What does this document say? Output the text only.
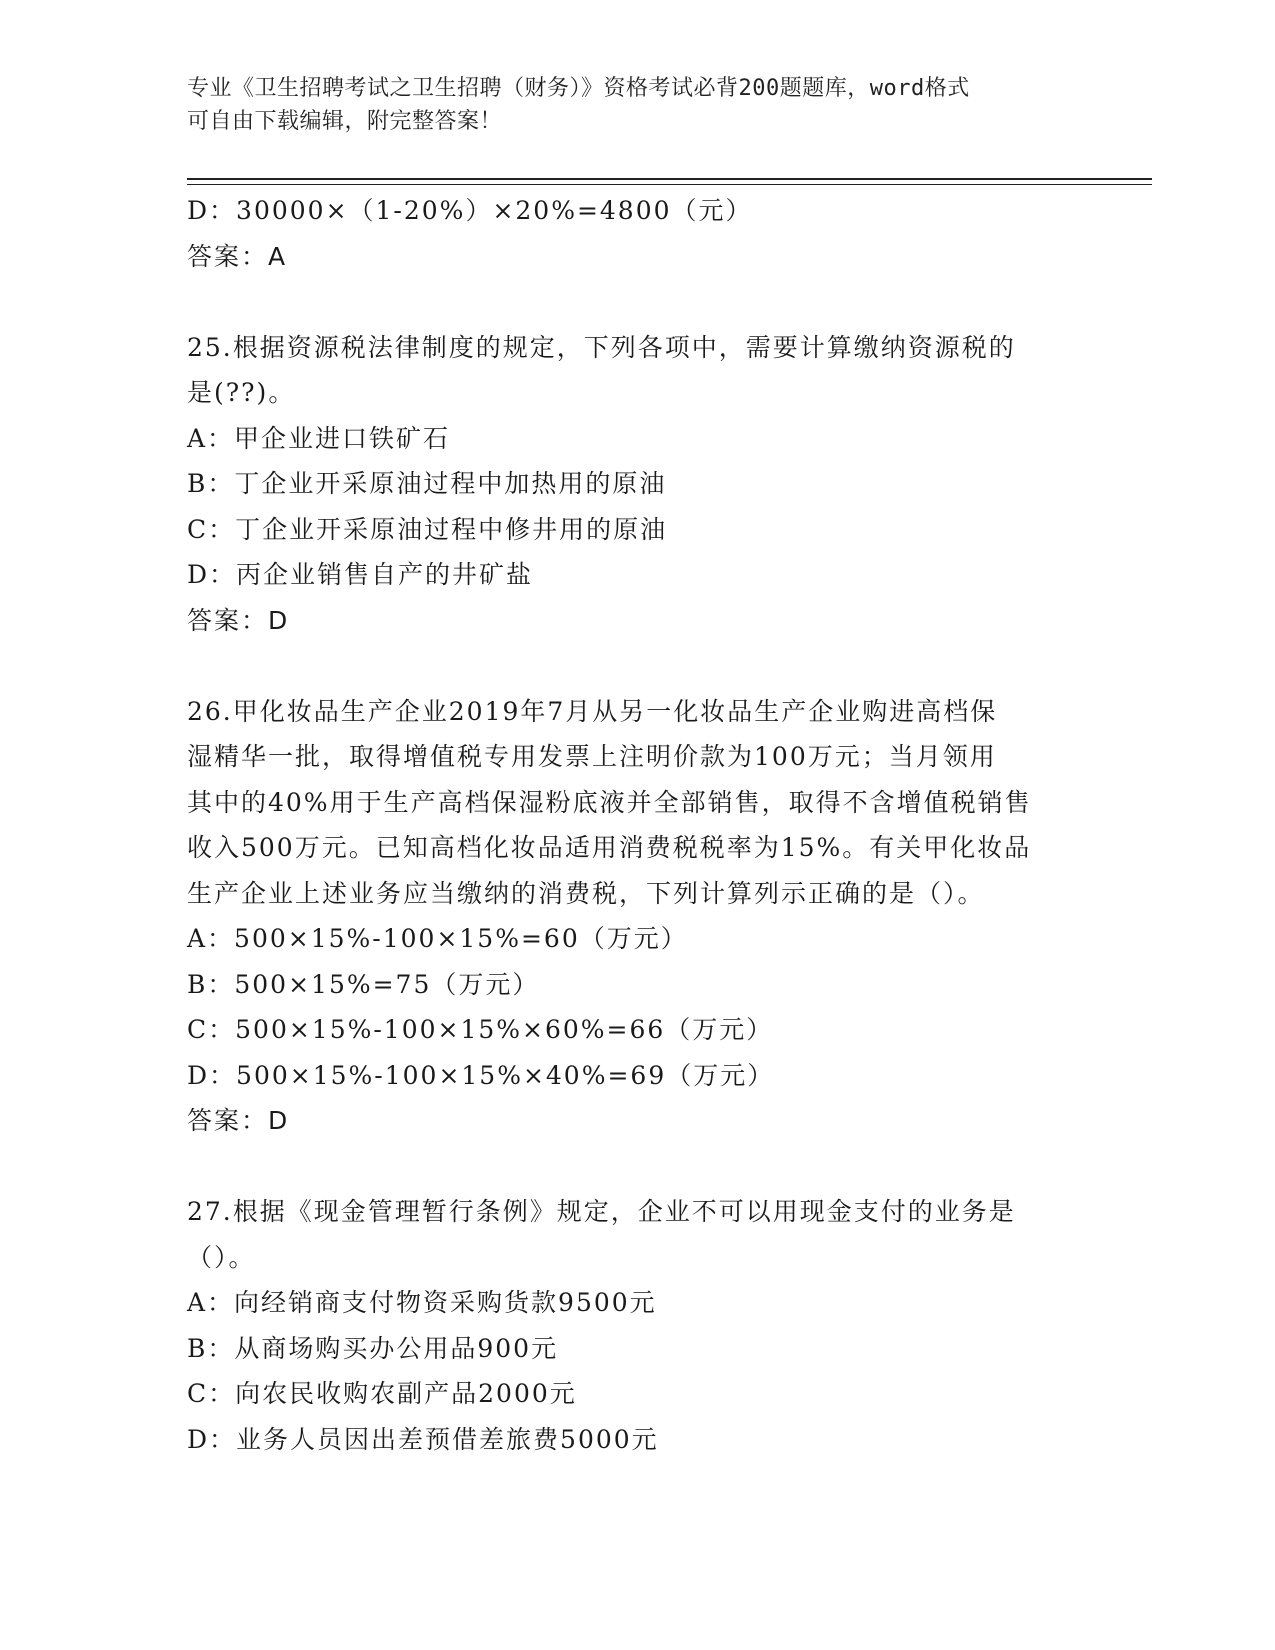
专业《卫生招聘考试之卫生招聘（财务）》资格考试必背200题题库，word格式
可自由下载编辑，附完整答案！
D：30000×（1-20%）×20%=4800（元）
答案：A
25.根据资源税法律制度的规定，下列各项中，需要计算缴纳资源税的
是(??)。
A：甲企业进口铁矿石
B：丁企业开采原油过程中加热用的原油
C：丁企业开采原油过程中修井用的原油
D：丙企业销售自产的井矿盐
答案：D
26.甲化妆品生产企业2019年7月从另一化妆品生产企业购进高档保
湿精华一批，取得增值税专用发票上注明价款为100万元；当月领用
其中的40%用于生产高档保湿粉底液并全部销售，取得不含增值税销售
收入500万元。已知高档化妆品适用消费税税率为15%。有关甲化妆品
生产企业上述业务应当缴纳的消费税，下列计算列示正确的是（）。
A：500×15%-100×15%=60（万元）
B：500×15%=75（万元）
C：500×15%-100×15%×60%=66（万元）
D：500×15%-100×15%×40%=69（万元）
答案：D
27.根据《现金管理暂行条例》规定，企业不可以用现金支付的业务是
（）。
A：向经销商支付物资采购货款9500元
B：从商场购买办公用品900元
C：向农民收购农副产品2000元
D：业务人员因出差预借差旅费5000元
